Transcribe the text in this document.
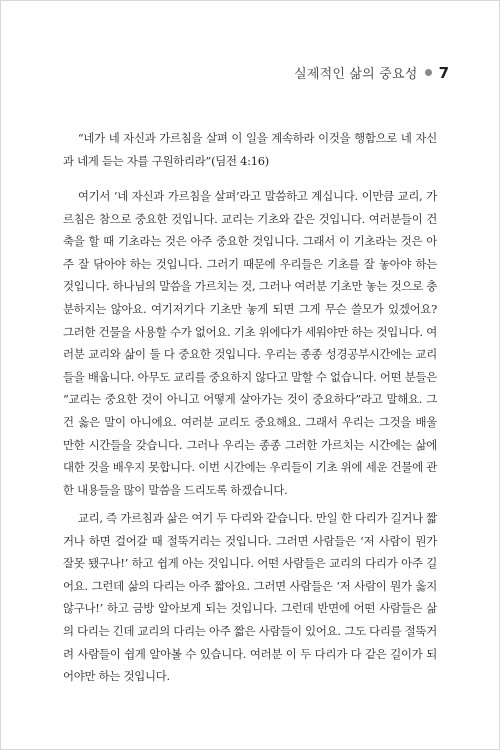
실제적인 삶의 중요성 7

“네가 네 자신과 가르침을 살펴 이 일을 계속하라 이것을 행함으로 네 자신과 네게 듣는 자를 구원하리라”(딤전 4:16)

여기서 ‘네 자신과 가르침을 살펴’라고 말씀하고 계십니다. 이만큼 교리, 가르침은 참으로 중요한 것입니다. 교리는 기초와 같은 것입니다. 여러분들이 건축을 할 때 기초라는 것은 아주 중요한 것입니다. 그래서 이 기초라는 것은 아주 잘 닦아야 하는 것입니다. 그러기 때문에 우리들은 기초를 잘 놓아야 하는 것입니다. 하나님의 말씀을 가르치는 것, 그러나 여러분 기초만 놓는 것으로 충분하지는 않아요. 여기저기다 기초만 놓게 되면 그게 무슨 쓸모가 있겠어요? 그러한 건물을 사용할 수가 없어요. 기초 위에다가 세워야만 하는 것입니다. 여러분 교리와 삶이 둘 다 중요한 것입니다. 우리는 종종 성경공부시간에는 교리들을 배웁니다. 아무도 교리를 중요하지 않다고 말할 수 없습니다. 어떤 분들은 “교리는 중요한 것이 아니고 어떻게 살아가는 것이 중요하다”라고 말해요. 그건 옳은 말이 아니에요. 여러분 교리도 중요해요. 그래서 우리는 그것을 배울 만한 시간들을 갖습니다. 그러나 우리는 종종 그러한 가르치는 시간에는 삶에 대한 것을 배우지 못합니다. 이번 시간에는 우리들이 기초 위에 세운 건물에 관한 내용들을 많이 말씀을 드리도록 하겠습니다.

교리, 즉 가르침과 삶은 여기 두 다리와 같습니다. 만일 한 다리가 길거나 짧거나 하면 걸어갈 때 절뚝거리는 것입니다. 그러면 사람들은 ‘저 사람이 뭔가 잘못 됐구나!’ 하고 쉽게 아는 것입니다. 어떤 사람들은 교리의 다리가 아주 길어요. 그런데 삶의 다리는 아주 짧아요. 그러면 사람들은 ‘저 사람이 뭔가 옳지 않구나!’ 하고 금방 알아보게 되는 것입니다. 그런데 반면에 어떤 사람들은 삶의 다리는 긴데 교리의 다리는 아주 짧은 사람들이 있어요. 그도 다리를 절뚝거려 사람들이 쉽게 알아볼 수 있습니다. 여러분 이 두 다리가 다 같은 길이가 되어야만 하는 것입니다.
